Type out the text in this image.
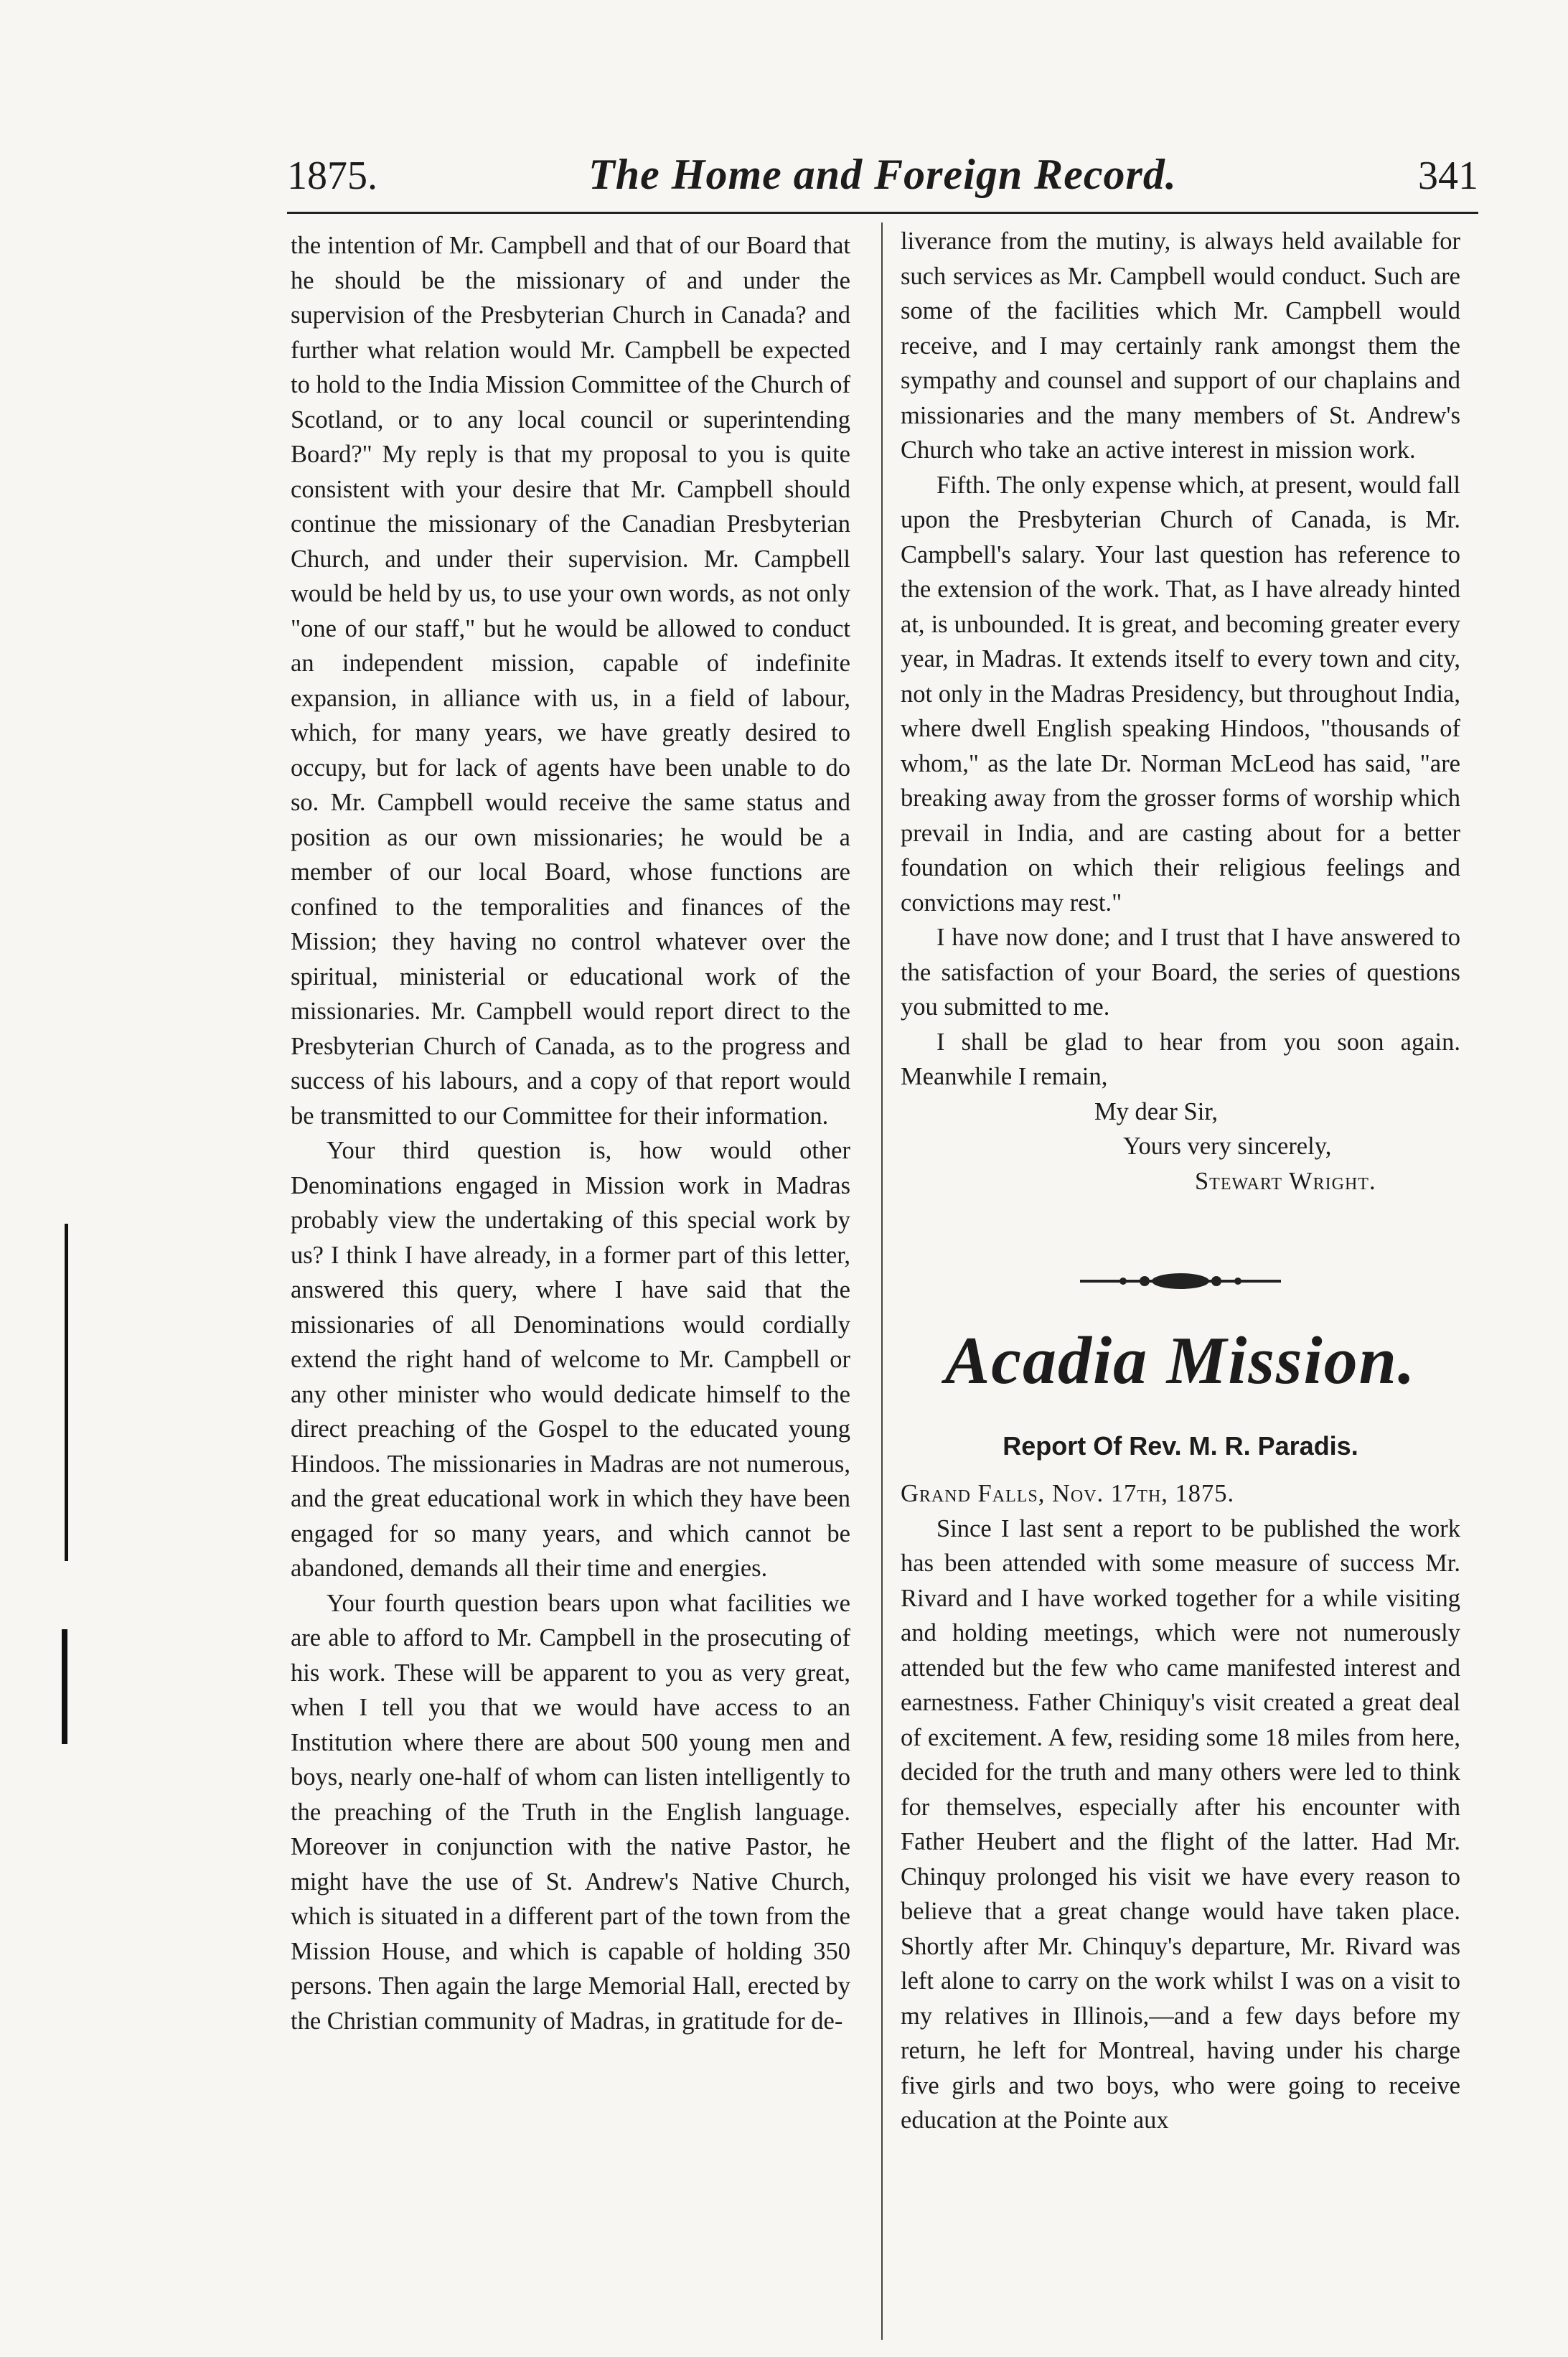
1875.	The Home and Foreign Record.	341

the intention of Mr. Campbell and that of our Board that he should be the missionary of and under the supervision of the Presbyterian Church in Canada? and further what relation would Mr. Campbell be expected to hold to the India Mission Committee of the Church of Scotland, or to any local council or superintending Board?" My reply is that my proposal to you is quite consistent with your desire that Mr. Campbell should continue the missionary of the Canadian Presbyterian Church, and under their supervision. Mr. Campbell would be held by us, to use your own words, as not only "one of our staff," but he would be allowed to conduct an independent mission, capable of indefinite expansion, in alliance with us, in a field of labour, which, for many years, we have greatly desired to occupy, but for lack of agents have been unable to do so. Mr. Campbell would receive the same status and position as our own missionaries; he would be a member of our local Board, whose functions are confined to the temporalities and finances of the Mission; they having no control whatever over the spiritual, ministerial or educational work of the missionaries. Mr. Campbell would report direct to the Presbyterian Church of Canada, as to the progress and success of his labours, and a copy of that report would be transmitted to our Committee for their information.

Your third question is, how would other Denominations engaged in Mission work in Madras probably view the undertaking of this special work by us? I think I have already, in a former part of this letter, answered this query, where I have said that the missionaries of all Denominations would cordially extend the right hand of welcome to Mr. Campbell or any other minister who would dedicate himself to the direct preaching of the Gospel to the educated young Hindoos. The missionaries in Madras are not numerous, and the great educational work in which they have been engaged for so many years, and which cannot be abandoned, demands all their time and energies.

Your fourth question bears upon what facilities we are able to afford to Mr. Campbell in the prosecuting of his work. These will be apparent to you as very great, when I tell you that we would have access to an Institution where there are about 500 young men and boys, nearly one-half of whom can listen intelligently to the preaching of the Truth in the English language. Moreover in conjunction with the native Pastor, he might have the use of St. Andrew's Native Church, which is situated in a different part of the town from the Mission House, and which is capable of holding 350 persons. Then again the large Memorial Hall, erected by the Christian community of Madras, in gratitude for de-

liverance from the mutiny, is always held available for such services as Mr. Campbell would conduct. Such are some of the facilities which Mr. Campbell would receive, and I may certainly rank amongst them the sympathy and counsel and support of our chaplains and missionaries and the many members of St. Andrew's Church who take an active interest in mission work.

Fifth. The only expense which, at present, would fall upon the Presbyterian Church of Canada, is Mr. Campbell's salary. Your last question has reference to the extension of the work. That, as I have already hinted at, is unbounded. It is great, and becoming greater every year, in Madras. It extends itself to every town and city, not only in the Madras Presidency, but throughout India, where dwell English speaking Hindoos, "thousands of whom," as the late Dr. Norman McLeod has said, "are breaking away from the grosser forms of worship which prevail in India, and are casting about for a better foundation on which their religious feelings and convictions may rest."

I have now done; and I trust that I have answered to the satisfaction of your Board, the series of questions you submitted to me.

I shall be glad to hear from you soon again. Meanwhile I remain,

My dear Sir,

Yours very sincerely,

Stewart Wright.

Acadia Mission.
Report Of Rev. M. R. Paradis.

Grand Falls, Nov. 17th, 1875.

Since I last sent a report to be published the work has been attended with some measure of success Mr. Rivard and I have worked together for a while visiting and holding meetings, which were not numerously attended but the few who came manifested interest and earnestness. Father Chiniquy's visit created a great deal of excitement. A few, residing some 18 miles from here, decided for the truth and many others were led to think for themselves, especially after his encounter with Father Heubert and the flight of the latter. Had Mr. Chinquy prolonged his visit we have every reason to believe that a great change would have taken place. Shortly after Mr. Chinquy's departure, Mr. Rivard was left alone to carry on the work whilst I was on a visit to my relatives in Illinois,—and a few days before my return, he left for Montreal, having under his charge five girls and two boys, who were going to receive education at the Pointe aux
